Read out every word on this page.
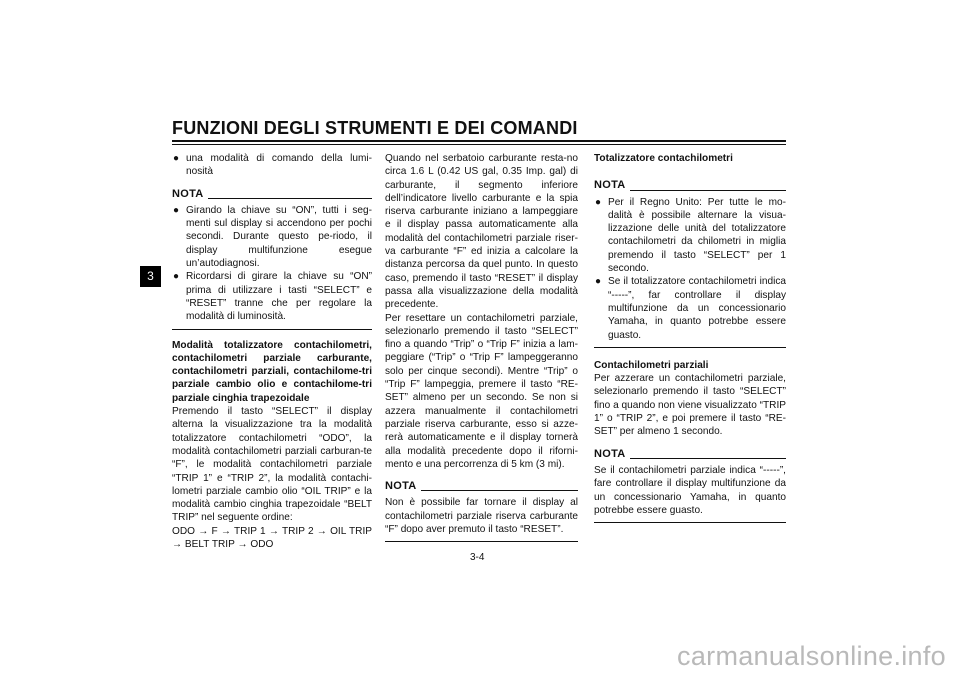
FUNZIONI DEGLI STRUMENTI E DEI COMANDI
3
● una modalità di comando della lumi-nosità
NOTA
● Girando la chiave su “ON”, tutti i seg-menti sul display si accendono per pochi secondi. Durante questo pe-riodo, il display multifunzione esegue un’autodiagnosi.
● Ricordarsi di girare la chiave su “ON” prima di utilizzare i tasti “SELECT” e “RESET” tranne che per regolare la modalità di luminosità.

Modalità totalizzatore contachilometri, contachilometri parziale carburante, contachilometri parziali, contachilome-tri parziale cambio olio e contachilome-tri parziale cinghia trapezoidale

Premendo il tasto “SELECT” il display alterna la visualizzazione tra la modalità totalizzatore contachilometri “ODO”, la modalità contachilometri parziali carburan-te “F”, le modalità contachilometri parziale “TRIP 1” e “TRIP 2”, la modalità contachi-lometri parziale cambio olio “OIL TRIP” e la modalità cambio cinghia trapezoidale “BELT TRIP” nel seguente ordine:

ODO → F → TRIP 1 → TRIP 2 → OIL TRIP → BELT TRIP → ODO

Quando nel serbatoio carburante resta-no circa 1.6 L (0.42 US gal, 0.35 Imp. gal) di carburante, il segmento inferiore dell’indicatore livello carburante e la spia riserva carburante iniziano a lampeggiare e il display passa automaticamente alla modalità del contachilometri parziale riser-va carburante “F” ed inizia a calcolare la distanza percorsa da quel punto. In questo caso, premendo il tasto “RESET” il display passa alla visualizzazione della modalità precedente.

Per resettare un contachilometri parziale, selezionarlo premendo il tasto “SELECT” fino a quando “Trip” o “Trip F” inizia a lam-peggiare (“Trip” o “Trip F” lampeggeranno solo per cinque secondi). Mentre “Trip” o “Trip F” lampeggia, premere il tasto “RE-SET” almeno per un secondo. Se non si azzera manualmente il contachilometri parziale riserva carburante, esso si azze-rerà automaticamente e il display tornerà alla modalità precedente dopo il riforni-mento e una percorrenza di 5 km (3 mi).

NOTA

Non è possibile far tornare il display al contachilometri parziale riserva carburante “F” dopo aver premuto il tasto “RESET”.

Totalizzatore contachilometri

NOTA
● Per il Regno Unito: Per tutte le mo-dalità è possibile alternare la visua-lizzazione delle unità del totalizzatore contachilometri da chilometri in miglia premendo il tasto “SELECT” per 1 secondo.
● Se il totalizzatore contachilometri indica “-----”, far controllare il display multifunzione da un concessionario Yamaha, in quanto potrebbe essere guasto.

Contachilometri parziali

Per azzerare un contachilometri parziale, selezionarlo premendo il tasto “SELECT” fino a quando non viene visualizzato “TRIP 1” o “TRIP 2”, e poi premere il tasto “RE-SET” per almeno 1 secondo.

NOTA

Se il contachilometri parziale indica “-----”, fare controllare il display multifunzione da un concessionario Yamaha, in quanto potrebbe essere guasto.

3-4
carmanualsonline.info
